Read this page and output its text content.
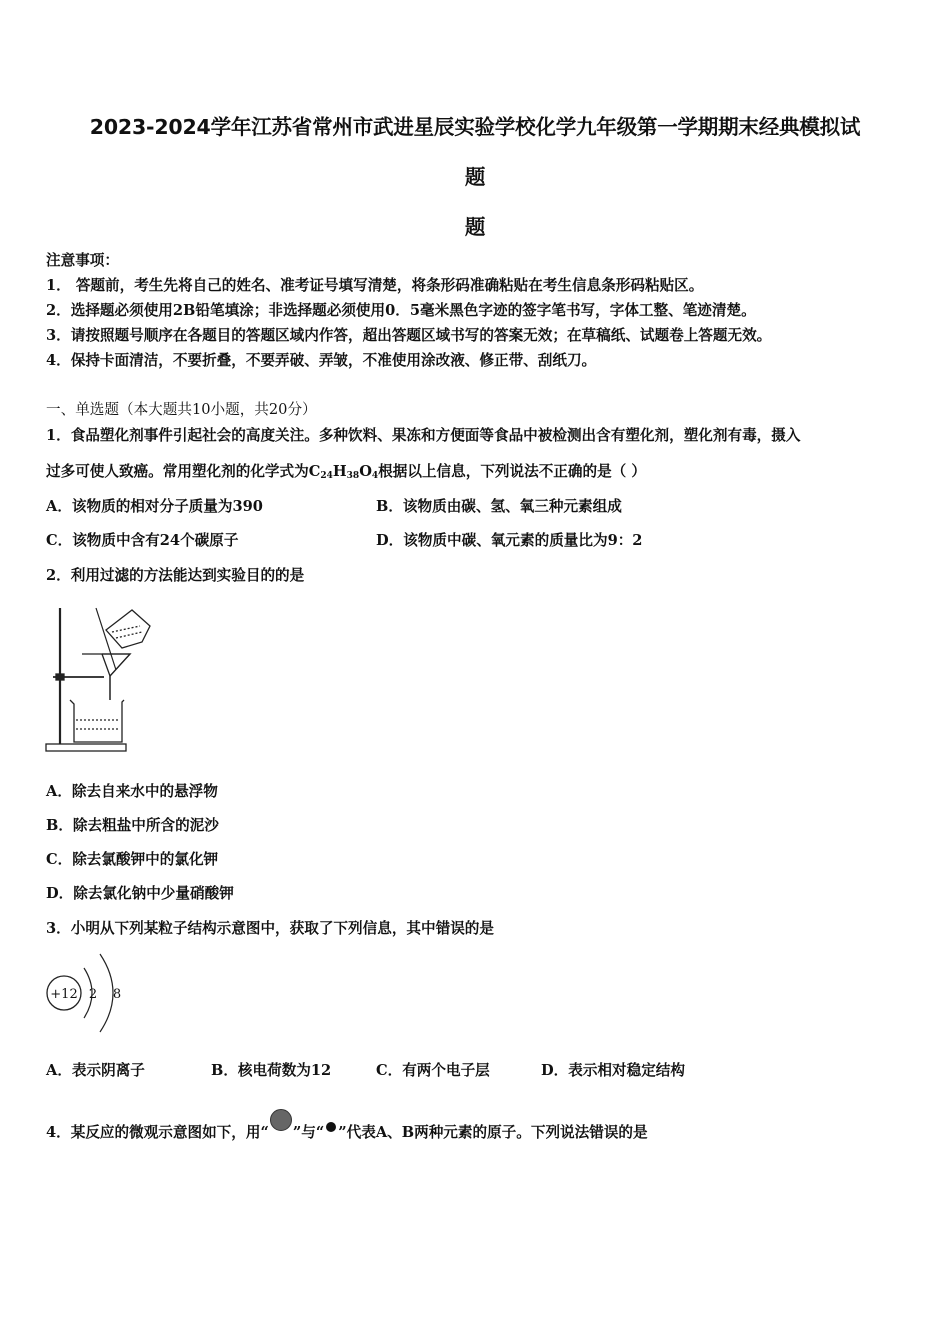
2023-2024学年江苏省常州市武进星辰实验学校化学九年级第一学期期末经典模拟试
题
题
注意事项：
1． 答题前，考生先将自己的姓名、准考证号填写清楚，将条形码准确粘贴在考生信息条形码粘贴区。
2．选择题必须使用2B铅笔填涂；非选择题必须使用0．5毫米黑色字迹的签字笔书写，字体工整、笔迹清楚。
3．请按照题号顺序在各题目的答题区域内作答，超出答题区域书写的答案无效；在草稿纸、试题卷上答题无效。
4．保持卡面清洁，不要折叠，不要弄破、弄皱，不准使用涂改液、修正带、刮纸刀。
一、单选题（本大题共10小题，共20分）
1．食品塑化剂事件引起社会的高度关注。多种饮料、果冻和方便面等食品中被检测出含有塑化剂，塑化剂有毒，摄入
过多可使人致癌。常用塑化剂的化学式为$C_{24}H_{38}O_4$根据以上信息，下列说法不正确的是（ ）
A．该物质的相对分子质量为390	B．该物质由碳、氢、氧三种元素组成
C．该物质中含有24个碳原子	D．该物质中碳、氧元素的质量比为9：2
2．利用过滤的方法能达到实验目的的是
A．除去自来水中的悬浮物
B．除去粗盐中所含的泥沙
C．除去氯酸钾中的氯化钾
D．除去氯化钠中少量硝酸钾
3．小明从下列某粒子结构示意图中，获取了下列信息，其中错误的是
+12 2 8
A．表示阴离子	B．核电荷数为12	C．有两个电子层	D．表示相对稳定结构
4．某反应的微观示意图如下，用“ ”与“ ”代表A、B两种元素的原子。下列说法错误的是
